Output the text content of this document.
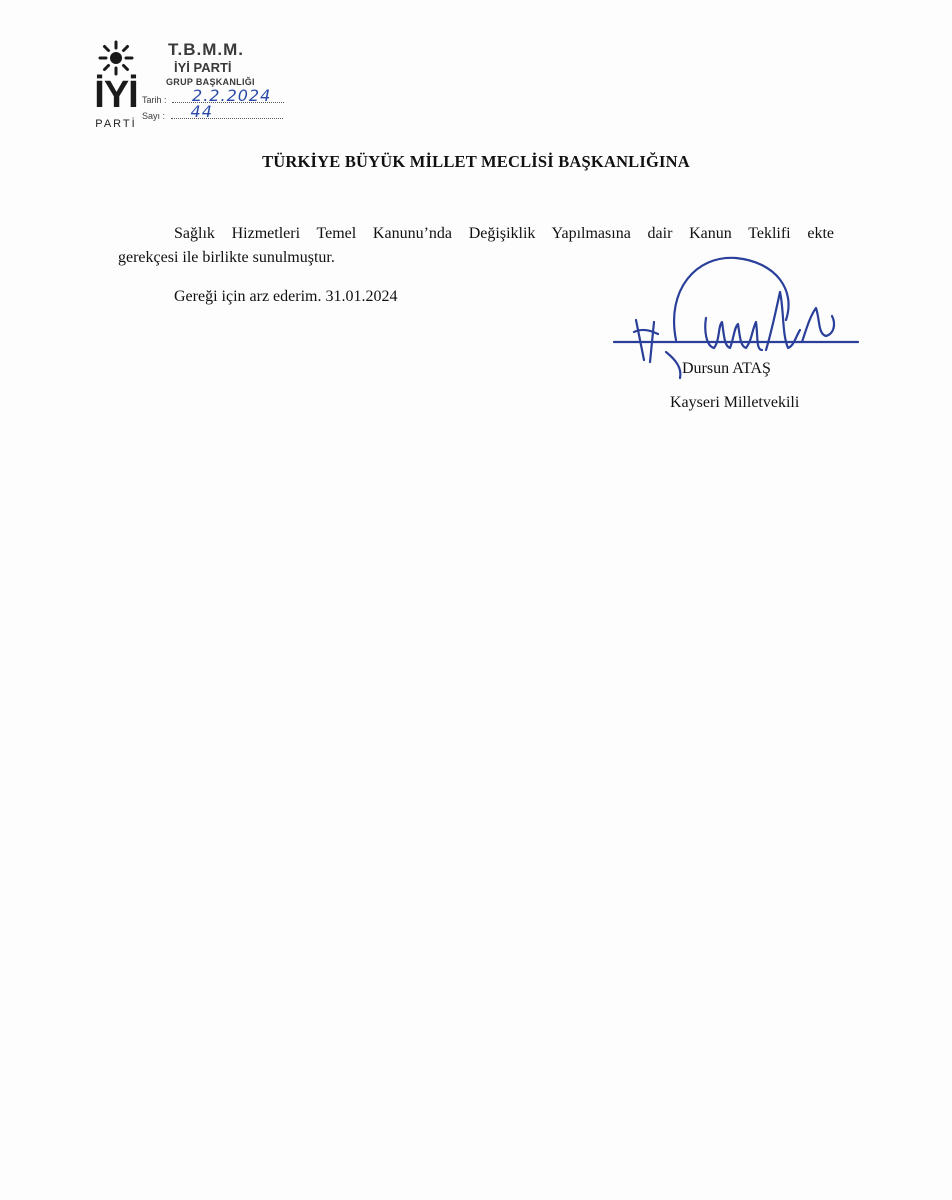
İYİ
PARTİ
T.B.M.M.
İYİ PARTİ
GRUP BAŞKANLIĞI
Tarih : 2.2.2024
Sayı : 44
TÜRKİYE BÜYÜK MİLLET MECLİSİ BAŞKANLIĞINA
Sağlık Hizmetleri Temel Kanunu’nda Değişiklik Yapılmasına dair Kanun Teklifi ekte
gerekçesi ile birlikte sunulmuştur.
Gereği için arz ederim. 31.01.2024
Dursun ATAŞ
Kayseri Milletvekili
